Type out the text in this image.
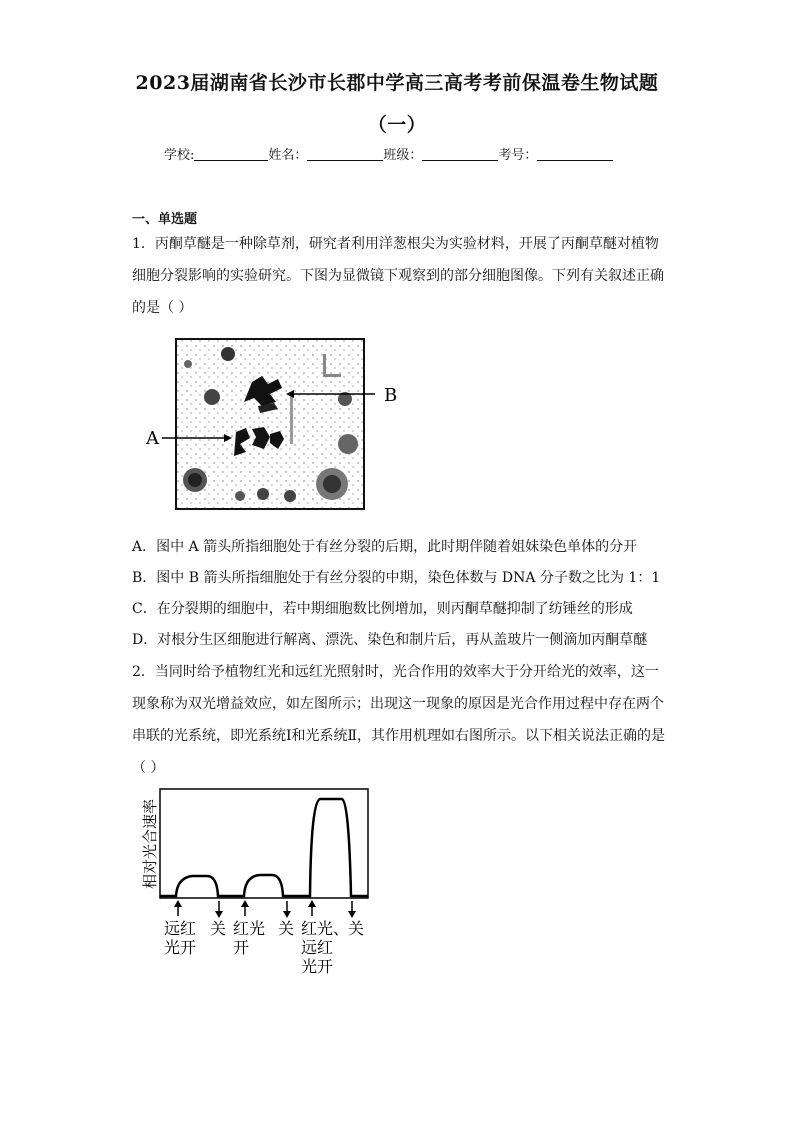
2023届湖南省长沙市长郡中学高三高考考前保温卷生物试题
（一）
学校:	姓名：	班级：	考号：
一、单选题
1．丙酮草醚是一种除草剂，研究者利用洋葱根尖为实验材料，开展了丙酮草醚对植物细胞分裂影响的实验研究。下图为显微镜下观察到的部分细胞图像。下列有关叙述正确的是（ ）
B
A
A．图中 A 箭头所指细胞处于有丝分裂的后期，此时期伴随着姐妹染色单体的分开
B．图中 B 箭头所指细胞处于有丝分裂的中期，染色体数与 DNA 分子数之比为 1：1
C．在分裂期的细胞中，若中期细胞数比例增加，则丙酮草醚抑制了纺锤丝的形成
D．对根分生区细胞进行解离、漂洗、染色和制片后，再从盖玻片一侧滴加丙酮草醚
2．当同时给予植物红光和远红光照射时，光合作用的效率大于分开给光的效率，这一现象称为双光增益效应，如左图所示；出现这一现象的原因是光合作用过程中存在两个串联的光系统，即光系统Ⅰ和光系统Ⅱ，其作用机理如右图所示。以下相关说法正确的是（ ）
相对光合速率
远红
光开
关 红光
开
关 红光、
远红
光开
关
